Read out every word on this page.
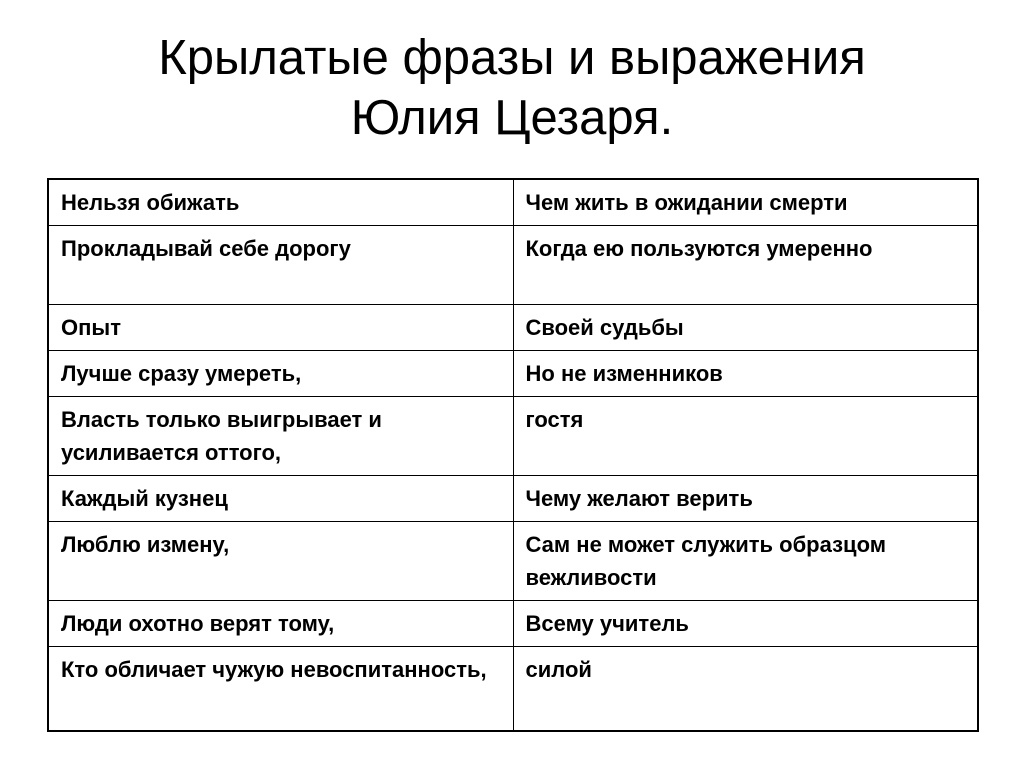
Крылатые фразы и выражения
Юлия Цезаря.
Нельзя обижать	Чем жить в ожидании смерти
Прокладывай себе дорогу	Когда ею пользуются умеренно
Опыт	Своей судьбы
Лучше сразу умереть,	Но не изменников
Власть только выигрывает и усиливается оттого,	гостя
Каждый кузнец	Чему желают верить
Люблю измену,	Сам не может служить образцом вежливости
Люди охотно верят тому,	Всему учитель
Кто обличает чужую невоспитанность,	силой
